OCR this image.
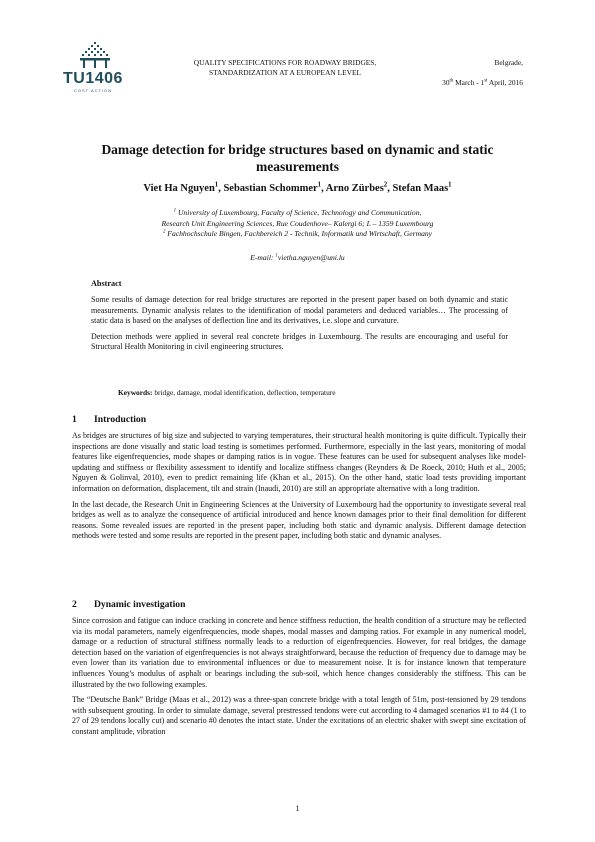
TU1406
COST ACTION
QUALITY SPECIFICATIONS FOR ROADWAY BRIDGES,
STANDARDIZATION AT A EUROPEAN LEVEL
Belgrade,
30th March - 1st April, 2016
Damage detection for bridge structures based on dynamic and static measurements
Viet Ha Nguyen$^1$, Sebastian Schommer$^1$, Arno Zürbes$^2$, Stefan Maas$^1$
$^1$ University of Luxembourg, Faculty of Science, Technology and Communication,
Research Unit Engineering Sciences, Rue Coudenhove– Kalergi 6; L – 1359 Luxembourg
$^2$ Fachhochschule Bingen, Fachbereich 2 - Technik, Informatik und Wirtschaft, Germany
E-mail: $^1$vietha.nguyen@uni.lu
Abstract

Some results of damage detection for real bridge structures are reported in the present paper based on both dynamic and static measurements. Dynamic analysis relates to the identification of modal parameters and deduced variables… The processing of static data is based on the analyses of deflection line and its derivatives, i.e. slope and curvature.

Detection methods were applied in several real concrete bridges in Luxembourg. The results are encouraging and useful for Structural Health Monitoring in civil engineering structures.

Keywords: bridge, damage, modal identification, deflection, temperature
1 Introduction

As bridges are structures of big size and subjected to varying temperatures, their structural health monitoring is quite difficult. Typically their inspections are done visually and static load testing is sometimes performed. Furthermore, especially in the last years, monitoring of modal features like eigenfrequencies, mode shapes or damping ratios is in vogue. These features can be used for subsequent analyses like model-updating and stiffness or flexibility assessment to identify and localize stiffness changes (Reynders & De Roeck, 2010; Huth et al., 2005; Nguyen & Golinval, 2010), even to predict remaining life (Khan et al., 2015). On the other hand, static load tests providing important information on deformation, displacement, tilt and strain (Inaudi, 2010) are still an appropriate alternative with a long tradition.

In the last decade, the Research Unit in Engineering Sciences at the University of Luxembourg had the opportunity to investigate several real bridges as well as to analyze the consequence of artificial introduced and hence known damages prior to their final demolition for different reasons. Some revealed issues are reported in the present paper, including both static and dynamic analysis. Different damage detection methods were tested and some results are reported in the present paper, including both static and dynamic analyses.

2 Dynamic investigation

Since corrosion and fatigue can induce cracking in concrete and hence stiffness reduction, the health condition of a structure may be reflected via its modal parameters, namely eigenfrequencies, mode shapes, modal masses and damping ratios. For example in any numerical model, damage or a reduction of structural stiffness normally leads to a reduction of eigenfrequencies. However, for real bridges, the damage detection based on the variation of eigenfrequencies is not always straightforward, because the reduction of frequency due to damage may be even lower than its variation due to environmental influences or due to measurement noise. It is for instance known that temperature influences Young’s modulus of asphalt or bearings including the sub-soil, which hence changes considerably the stiffness. This can be illustrated by the two following examples.

The “Deutsche Bank” Bridge (Maas et al., 2012) was a three-span concrete bridge with a total length of 51m, post-tensioned by 29 tendons with subsequent grouting. In order to simulate damage, several prestressed tendons were cut according to 4 damaged scenarios #1 to #4 (1 to 27 of 29 tendons locally cut) and scenario #0 denotes the intact state. Under the excitations of an electric shaker with swept sine excitation of constant amplitude, vibration

1
